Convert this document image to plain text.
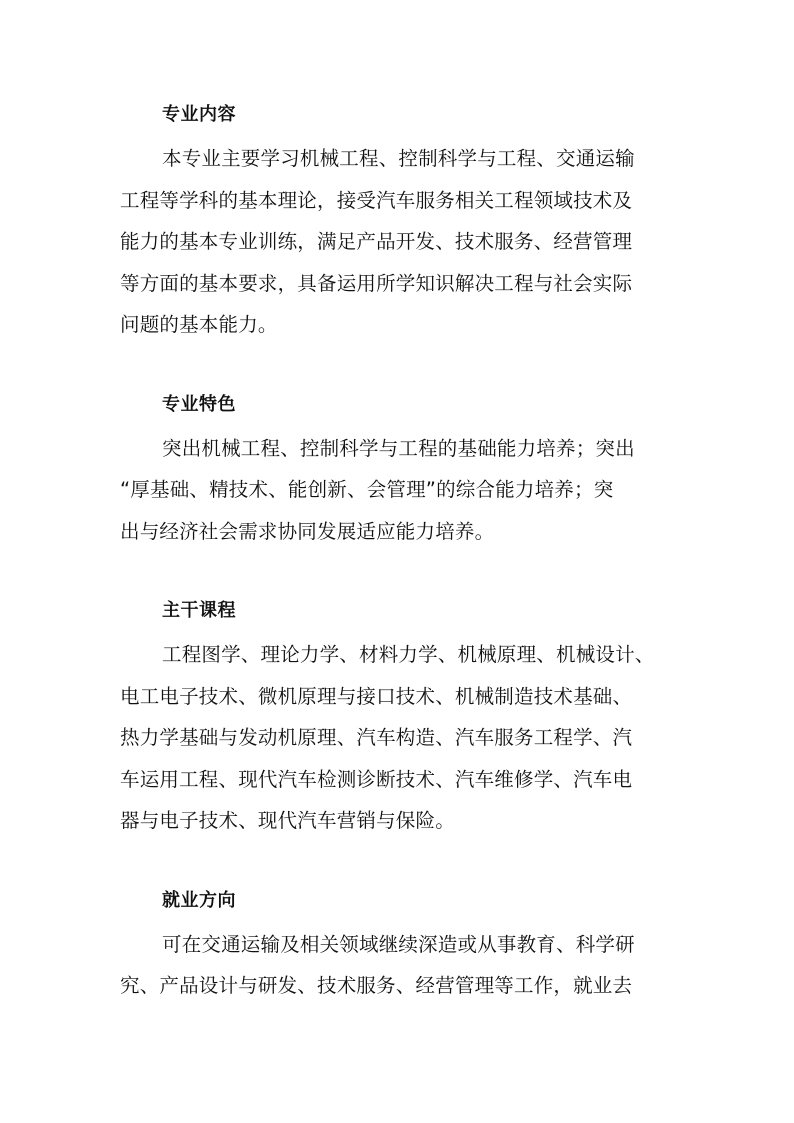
专业内容
本专业主要学习机械工程、控制科学与工程、交通运输
工程等学科的基本理论，接受汽车服务相关工程领域技术及
能力的基本专业训练，满足产品开发、技术服务、经营管理
等方面的基本要求，具备运用所学知识解决工程与社会实际
问题的基本能力。
专业特色
突出机械工程、控制科学与工程的基础能力培养；突出
“厚基础、精技术、能创新、会管理”的综合能力培养；突
出与经济社会需求协同发展适应能力培养。
主干课程
工程图学、理论力学、材料力学、机械原理、机械设计、
电工电子技术、微机原理与接口技术、机械制造技术基础、
热力学基础与发动机原理、汽车构造、汽车服务工程学、汽
车运用工程、现代汽车检测诊断技术、汽车维修学、汽车电
器与电子技术、现代汽车营销与保险。
就业方向
可在交通运输及相关领域继续深造或从事教育、科学研
究、产品设计与研发、技术服务、经营管理等工作，就业去
